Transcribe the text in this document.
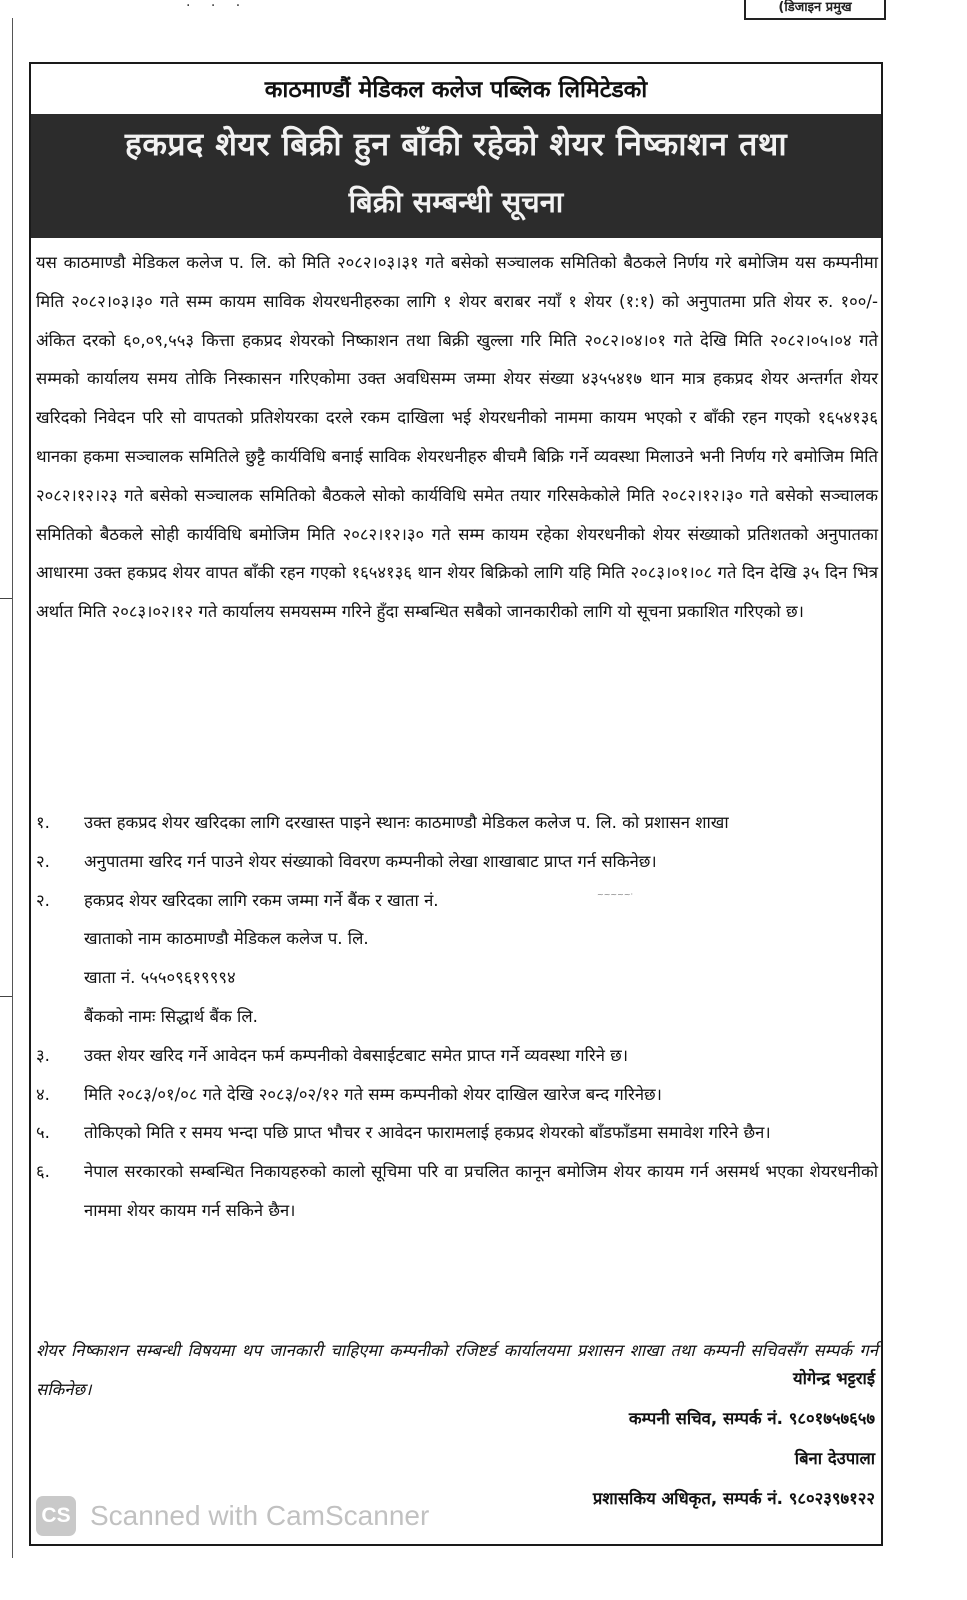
· · ·	(डिजाइन प्रमुख
काठमाण्डौं मेडिकल कलेज पब्लिक लिमिटेडको
हकप्रद शेयर बिक्री हुन बाँकी रहेको शेयर निष्काशन तथा
बिक्री सम्बन्धी सूचना
यस काठमाण्डौ मेडिकल कलेज प. लि. को मिति २०८२।०३।३१ गते बसेको सञ्चालक समितिको बैठकले निर्णय गरे बमोजिम यस कम्पनीमा मिति २०८२।०३।३० गते सम्म कायम साविक शेयरधनीहरुका लागि १ शेयर बराबर नयाँ १ शेयर (१:१) को अनुपातमा प्रति शेयर रु. १००/- अंकित दरको ६०,०९,५५३ कित्ता हकप्रद शेयरको निष्काशन तथा बिक्री खुल्ला गरि मिति २०८२।०४।०१ गते देखि मिति २०८२।०५।०४ गते सम्मको कार्यालय समय तोकि निस्कासन गरिएकोमा उक्त अवधिसम्म जम्मा शेयर संख्या ४३५५४१७ थान मात्र हकप्रद शेयर अन्तर्गत शेयर खरिदको निवेदन परि सो वापतको प्रतिशेयरका दरले रकम दाखिला भई शेयरधनीको नाममा कायम भएको र बाँकी रहन गएको १६५४१३६ थानका हकमा सञ्चालक समितिले छुट्टै कार्यविधि बनाई साविक शेयरधनीहरु बीचमै बिक्रि गर्ने व्यवस्था मिलाउने भनी निर्णय गरे बमोजिम मिति २०८२।१२।२३ गते बसेको सञ्चालक समितिको बैठकले सोको कार्यविधि समेत तयार गरिसकेकोले मिति २०८२।१२।३० गते बसेको सञ्चालक समितिको बैठकले सोही कार्यविधि बमोजिम मिति २०८२।१२।३० गते सम्म कायम रहेका शेयरधनीको शेयर संख्याको प्रतिशतको अनुपातका आधारमा उक्त हकप्रद शेयर वापत बाँकी रहन गएको १६५४१३६ थान शेयर बिक्रिको लागि यहि मिति २०८३।०१।०८ गते दिन देखि ३५ दिन भित्र अर्थात मिति २०८३।०२।१२ गते कार्यालय समयसम्म गरिने हुँदा सम्बन्धित सबैको जानकारीको लागि यो सूचना प्रकाशित गरिएको छ।
१. उक्त हकप्रद शेयर खरिदका लागि दरखास्त पाइने स्थानः काठमाण्डौ मेडिकल कलेज प. लि. को प्रशासन शाखा
२. अनुपातमा खरिद गर्न पाउने शेयर संख्याको विवरण कम्पनीको लेखा शाखाबाट प्राप्त गर्न सकिनेछ।
२. हकप्रद शेयर खरिदका लागि रकम जम्मा गर्ने बैंक र खाता नं.
खाताको नाम काठमाण्डौ मेडिकल कलेज प. लि.
खाता नं. ५५५०९६१९९९४
बैंकको नामः सिद्धार्थ बैंक लि.
३. उक्त शेयर खरिद गर्ने आवेदन फर्म कम्पनीको वेबसाईटबाट समेत प्राप्त गर्ने व्यवस्था गरिने छ।
४. मिति २०८३/०१/०८ गते देखि २०८३/०२/१२ गते सम्म कम्पनीको शेयर दाखिल खारेज बन्द गरिनेछ।
५. तोकिएको मिति र समय भन्दा पछि प्राप्त भौचर र आवेदन फारामलाई हकप्रद शेयरको बाँडफाँडमा समावेश गरिने छैन।
६. नेपाल सरकारको सम्बन्धित निकायहरुको कालो सूचिमा परि वा प्रचलित कानून बमोजिम शेयर कायम गर्न असमर्थ भएका शेयरधनीको नाममा शेयर कायम गर्न सकिने छैन।
~~~~~·
शेयर निष्काशन सम्बन्धी विषयमा थप जानकारी चाहिएमा कम्पनीको रजिष्टर्ड कार्यालयमा प्रशासन शाखा तथा कम्पनी सचिवसँग सम्पर्क गर्न सकिनेछ।
योगेन्द्र भट्टराई
कम्पनी सचिव, सम्पर्क नं. ९८०१७५७६५७
बिना देउपाला
प्रशासकिय अधिकृत, सम्पर्क नं. ९८०२३९७१२२
CS Scanned with CamScanner
